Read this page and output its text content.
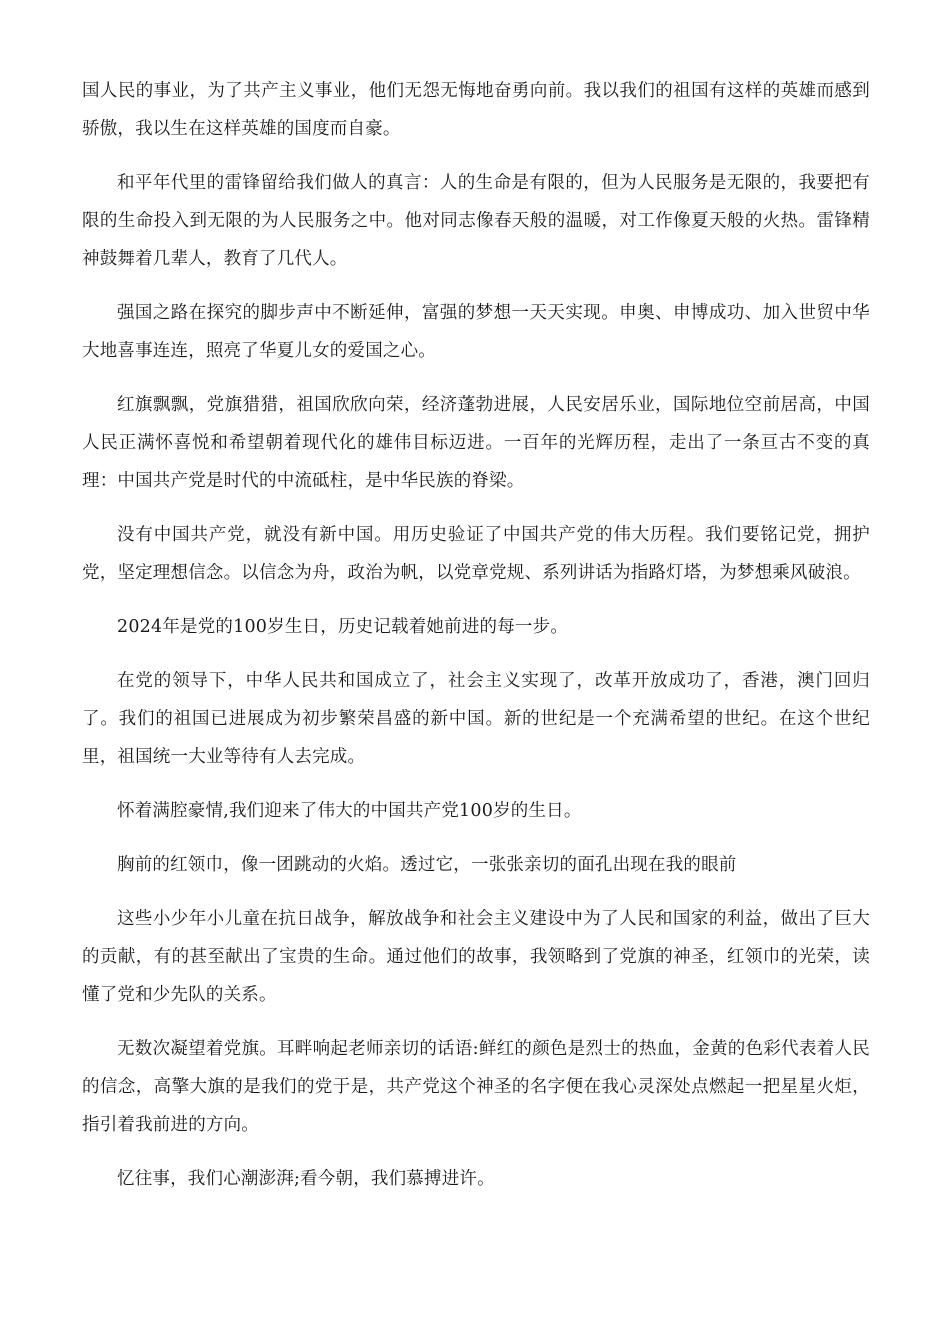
国人民的事业，为了共产主义事业，他们无怨无悔地奋勇向前。我以我们的祖国有这样的英雄而感到骄傲，我以生在这样英雄的国度而自豪。

和平年代里的雷锋留给我们做人的真言：人的生命是有限的，但为人民服务是无限的，我要把有限的生命投入到无限的为人民服务之中。他对同志像春天般的温暖，对工作像夏天般的火热。雷锋精神鼓舞着几辈人，教育了几代人。

强国之路在探究的脚步声中不断延伸，富强的梦想一天天实现。申奥、申博成功、加入世贸中华大地喜事连连，照亮了华夏儿女的爱国之心。

红旗飘飘，党旗猎猎，祖国欣欣向荣，经济蓬勃进展，人民安居乐业，国际地位空前居高，中国人民正满怀喜悦和希望朝着现代化的雄伟目标迈进。一百年的光辉历程，走出了一条亘古不变的真理：中国共产党是时代的中流砥柱，是中华民族的脊梁。

没有中国共产党，就没有新中国。用历史验证了中国共产党的伟大历程。我们要铭记党，拥护党，坚定理想信念。以信念为舟，政治为帆，以党章党规、系列讲话为指路灯塔，为梦想乘风破浪。

2024年是党的100岁生日，历史记载着她前进的每一步。

在党的领导下，中华人民共和国成立了，社会主义实现了，改革开放成功了，香港，澳门回归了。我们的祖国已进展成为初步繁荣昌盛的新中国。新的世纪是一个充满希望的世纪。在这个世纪里，祖国统一大业等待有人去完成。

怀着满腔豪情,我们迎来了伟大的中国共产党100岁的生日。

胸前的红领巾，像一团跳动的火焰。透过它，一张张亲切的面孔出现在我的眼前

这些小少年小儿童在抗日战争，解放战争和社会主义建设中为了人民和国家的利益，做出了巨大的贡献，有的甚至献出了宝贵的生命。通过他们的故事，我领略到了党旗的神圣，红领巾的光荣，读懂了党和少先队的关系。

无数次凝望着党旗。耳畔响起老师亲切的话语:鲜红的颜色是烈士的热血，金黄的色彩代表着人民的信念，高擎大旗的是我们的党于是，共产党这个神圣的名字便在我心灵深处点燃起一把星星火炬，指引着我前进的方向。

忆往事，我们心潮澎湃;看今朝，我们慕搏进许。
